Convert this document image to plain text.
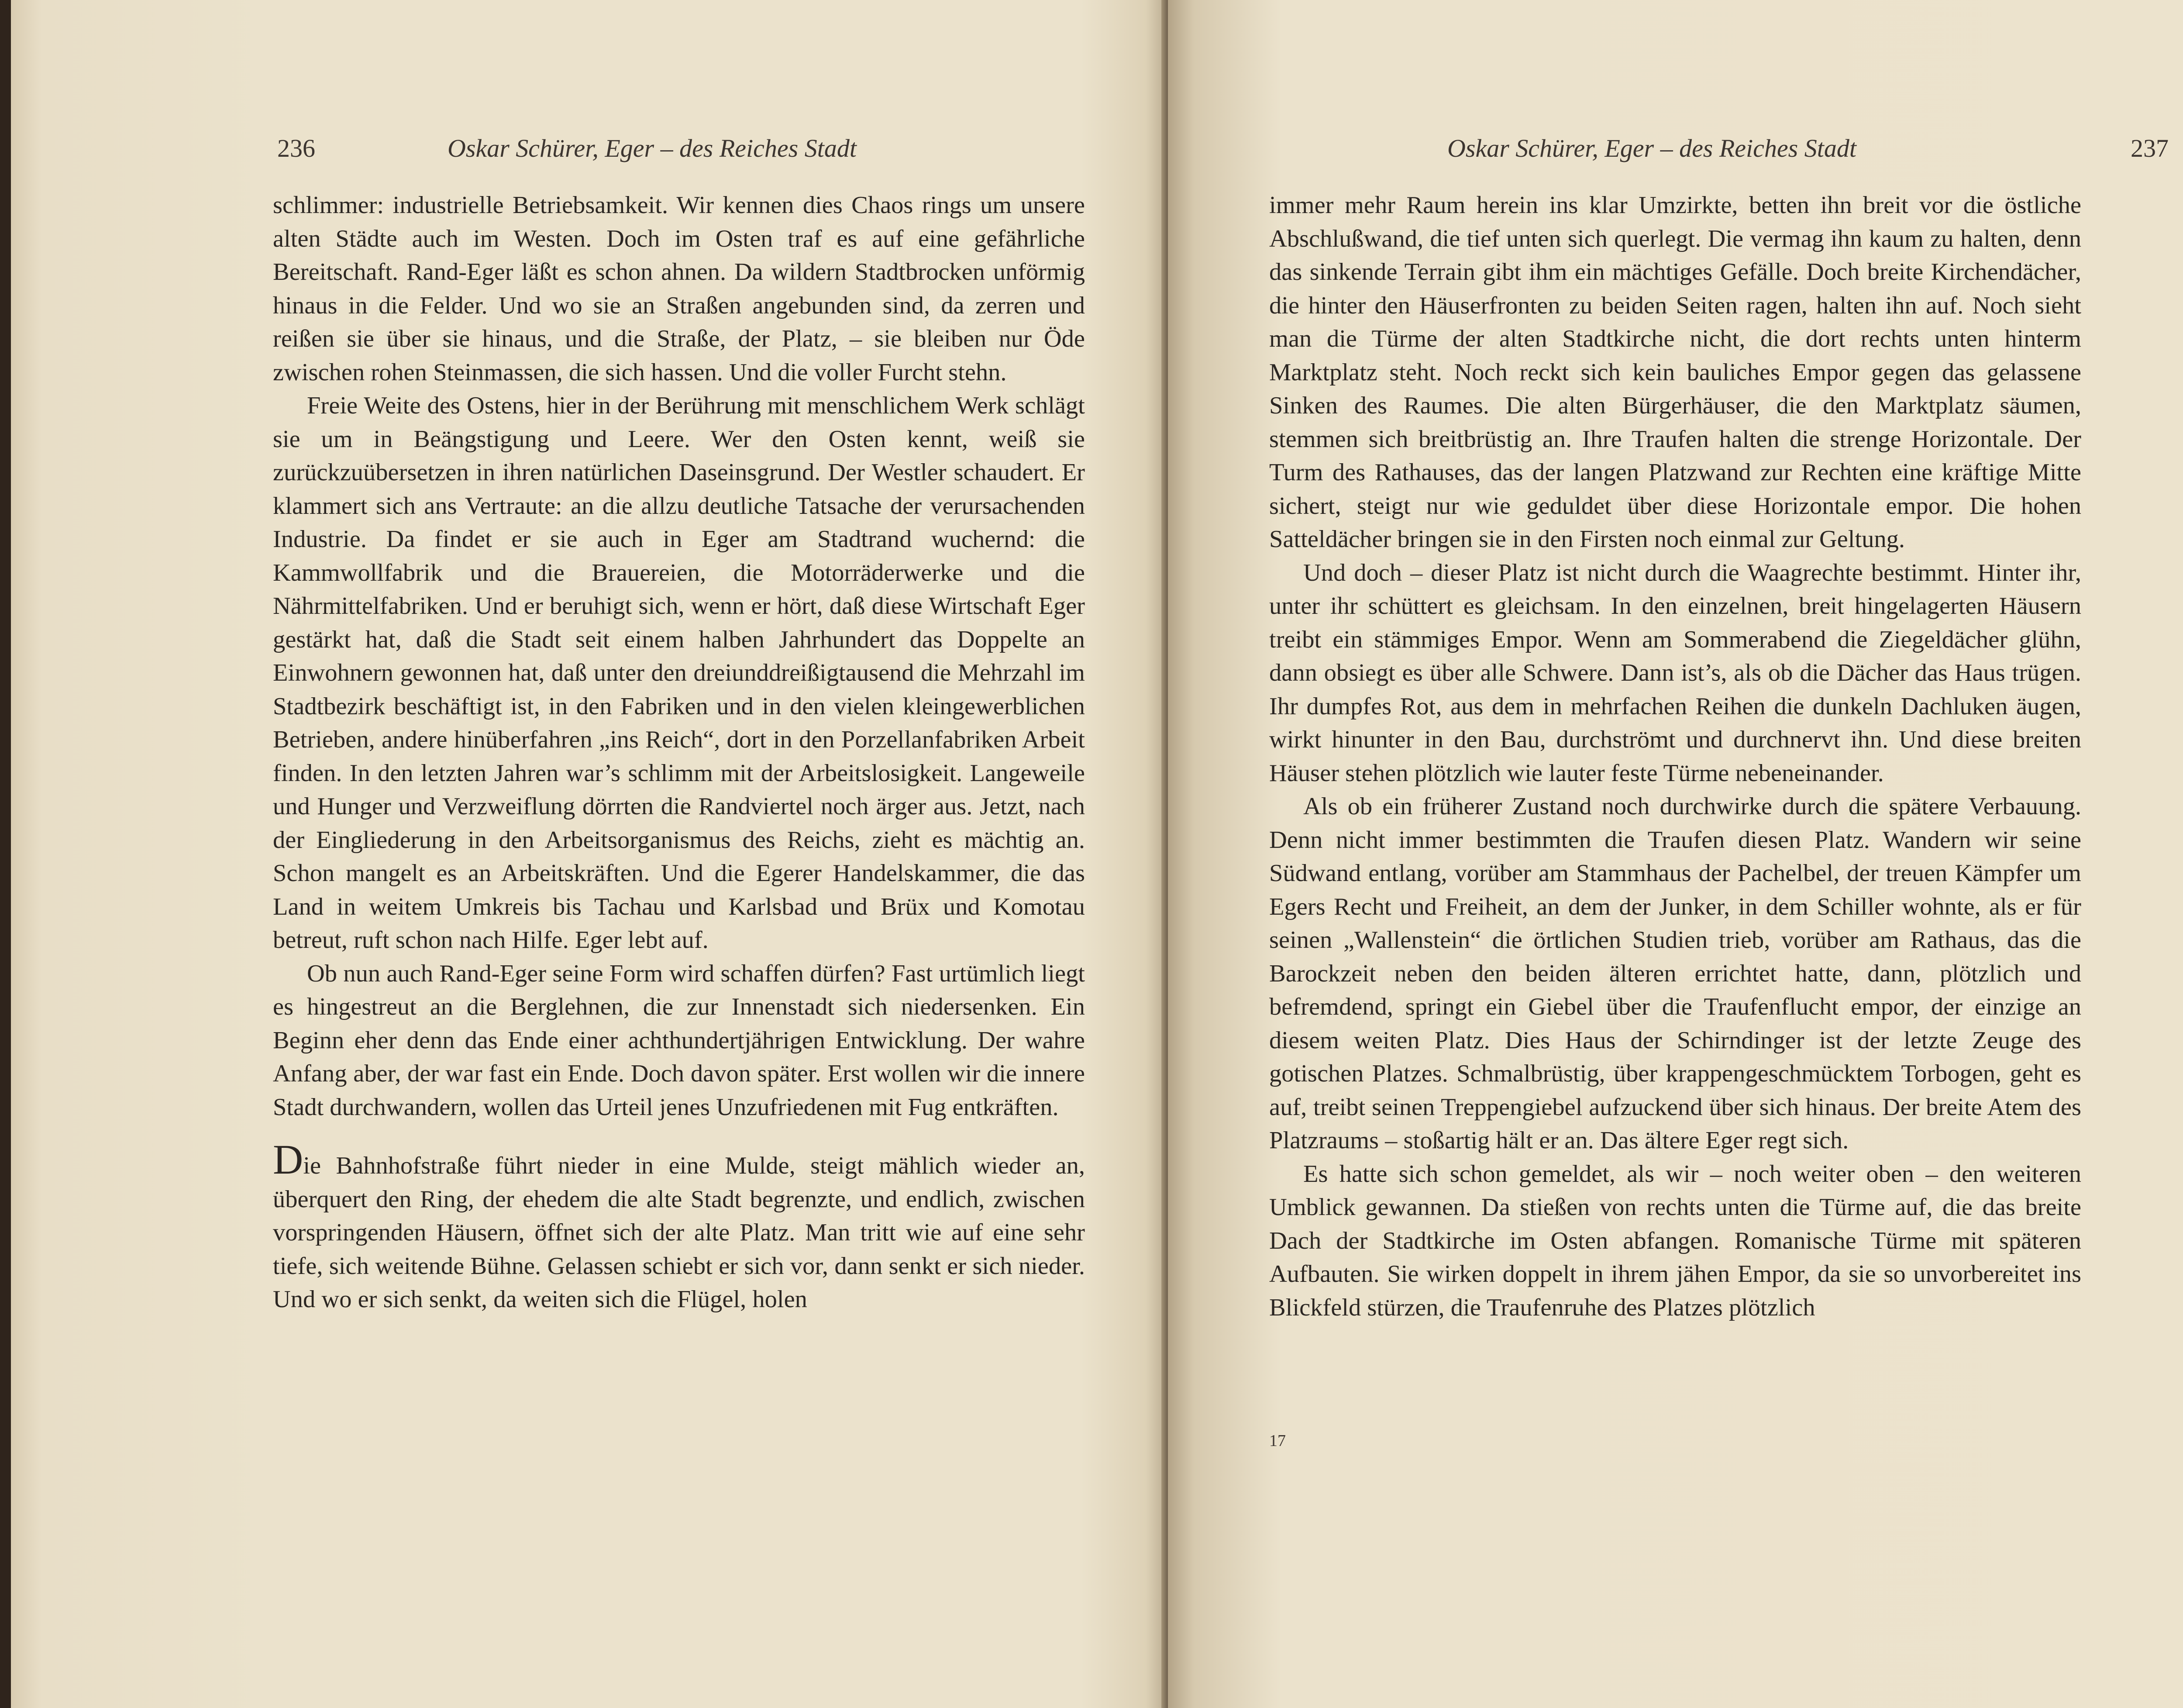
236	Oskar Schürer, Eger – des Reiches Stadt

schlimmer: industrielle Betriebsamkeit. Wir kennen dies Chaos rings um unsere alten Städte auch im Westen. Doch im Osten traf es auf eine gefährliche Bereitschaft. Rand-Eger läßt es schon ahnen. Da wildern Stadtbrocken unförmig hinaus in die Felder. Und wo sie an Straßen angebunden sind, da zerren und reißen sie über sie hinaus, und die Straße, der Platz, – sie bleiben nur Öde zwischen rohen Steinmassen, die sich hassen. Und die voller Furcht stehn.

Freie Weite des Ostens, hier in der Berührung mit menschlichem Werk schlägt sie um in Beängstigung und Leere. Wer den Osten kennt, weiß sie zurückzuübersetzen in ihren natürlichen Daseinsgrund. Der Westler schaudert. Er klammert sich ans Vertraute: an die allzu deutliche Tatsache der verursachenden Industrie. Da findet er sie auch in Eger am Stadtrand wuchernd: die Kammwollfabrik und die Brauereien, die Motorräderwerke und die Nährmittelfabriken. Und er beruhigt sich, wenn er hört, daß diese Wirtschaft Eger gestärkt hat, daß die Stadt seit einem halben Jahrhundert das Doppelte an Einwohnern gewonnen hat, daß unter den dreiunddreißigtausend die Mehrzahl im Stadtbezirk beschäftigt ist, in den Fabriken und in den vielen kleingewerblichen Betrieben, andere hinüberfahren „ins Reich“, dort in den Porzellanfabriken Arbeit finden. In den letzten Jahren war’s schlimm mit der Arbeitslosigkeit. Langeweile und Hunger und Verzweiflung dörrten die Randviertel noch ärger aus. Jetzt, nach der Eingliederung in den Arbeitsorganismus des Reichs, zieht es mächtig an. Schon mangelt es an Arbeitskräften. Und die Egerer Handelskammer, die das Land in weitem Umkreis bis Tachau und Karlsbad und Brüx und Komotau betreut, ruft schon nach Hilfe. Eger lebt auf.

Ob nun auch Rand-Eger seine Form wird schaffen dürfen? Fast urtümlich liegt es hingestreut an die Berglehnen, die zur Innenstadt sich niedersenken. Ein Beginn eher denn das Ende einer achthundertjährigen Entwicklung. Der wahre Anfang aber, der war fast ein Ende. Doch davon später. Erst wollen wir die innere Stadt durchwandern, wollen das Urteil jenes Unzufriedenen mit Fug entkräften.

Die Bahnhofstraße führt nieder in eine Mulde, steigt mählich wieder an, überquert den Ring, der ehedem die alte Stadt begrenzte, und endlich, zwischen vorspringenden Häusern, öffnet sich der alte Platz. Man tritt wie auf eine sehr tiefe, sich weitende Bühne. Gelassen schiebt er sich vor, dann senkt er sich nieder. Und wo er sich senkt, da weiten sich die Flügel, holen

Oskar Schürer, Eger – des Reiches Stadt	237

immer mehr Raum herein ins klar Umzirkte, betten ihn breit vor die östliche Abschlußwand, die tief unten sich querlegt. Die vermag ihn kaum zu halten, denn das sinkende Terrain gibt ihm ein mächtiges Gefälle. Doch breite Kirchendächer, die hinter den Häuserfronten zu beiden Seiten ragen, halten ihn auf. Noch sieht man die Türme der alten Stadtkirche nicht, die dort rechts unten hinterm Marktplatz steht. Noch reckt sich kein bauliches Empor gegen das gelassene Sinken des Raumes. Die alten Bürgerhäuser, die den Marktplatz säumen, stemmen sich breitbrüstig an. Ihre Traufen halten die strenge Horizontale. Der Turm des Rathauses, das der langen Platzwand zur Rechten eine kräftige Mitte sichert, steigt nur wie geduldet über diese Horizontale empor. Die hohen Satteldächer bringen sie in den Firsten noch einmal zur Geltung.

Und doch – dieser Platz ist nicht durch die Waagrechte bestimmt. Hinter ihr, unter ihr schüttert es gleichsam. In den einzelnen, breit hingelagerten Häusern treibt ein stämmiges Empor. Wenn am Sommerabend die Ziegeldächer glühn, dann obsiegt es über alle Schwere. Dann ist’s, als ob die Dächer das Haus trügen. Ihr dumpfes Rot, aus dem in mehrfachen Reihen die dunkeln Dachluken äugen, wirkt hinunter in den Bau, durchströmt und durchnervt ihn. Und diese breiten Häuser stehen plötzlich wie lauter feste Türme nebeneinander.

Als ob ein früherer Zustand noch durchwirke durch die spätere Verbauung. Denn nicht immer bestimmten die Traufen diesen Platz. Wandern wir seine Südwand entlang, vorüber am Stammhaus der Pachelbel, der treuen Kämpfer um Egers Recht und Freiheit, an dem der Junker, in dem Schiller wohnte, als er für seinen „Wallenstein“ die örtlichen Studien trieb, vorüber am Rathaus, das die Barockzeit neben den beiden älteren errichtet hatte, dann, plötzlich und befremdend, springt ein Giebel über die Traufenflucht empor, der einzige an diesem weiten Platz. Dies Haus der Schirndinger ist der letzte Zeuge des gotischen Platzes. Schmalbrüstig, über krappengeschmücktem Torbogen, geht es auf, treibt seinen Treppengiebel aufzuckend über sich hinaus. Der breite Atem des Platzraums – stoßartig hält er an. Das ältere Eger regt sich.

Es hatte sich schon gemeldet, als wir – noch weiter oben – den weiteren Umblick gewannen. Da stießen von rechts unten die Türme auf, die das breite Dach der Stadtkirche im Osten abfangen. Romanische Türme mit späteren Aufbauten. Sie wirken doppelt in ihrem jähen Empor, da sie so unvorbereitet ins Blickfeld stürzen, die Traufenruhe des Platzes plötzlich

17
